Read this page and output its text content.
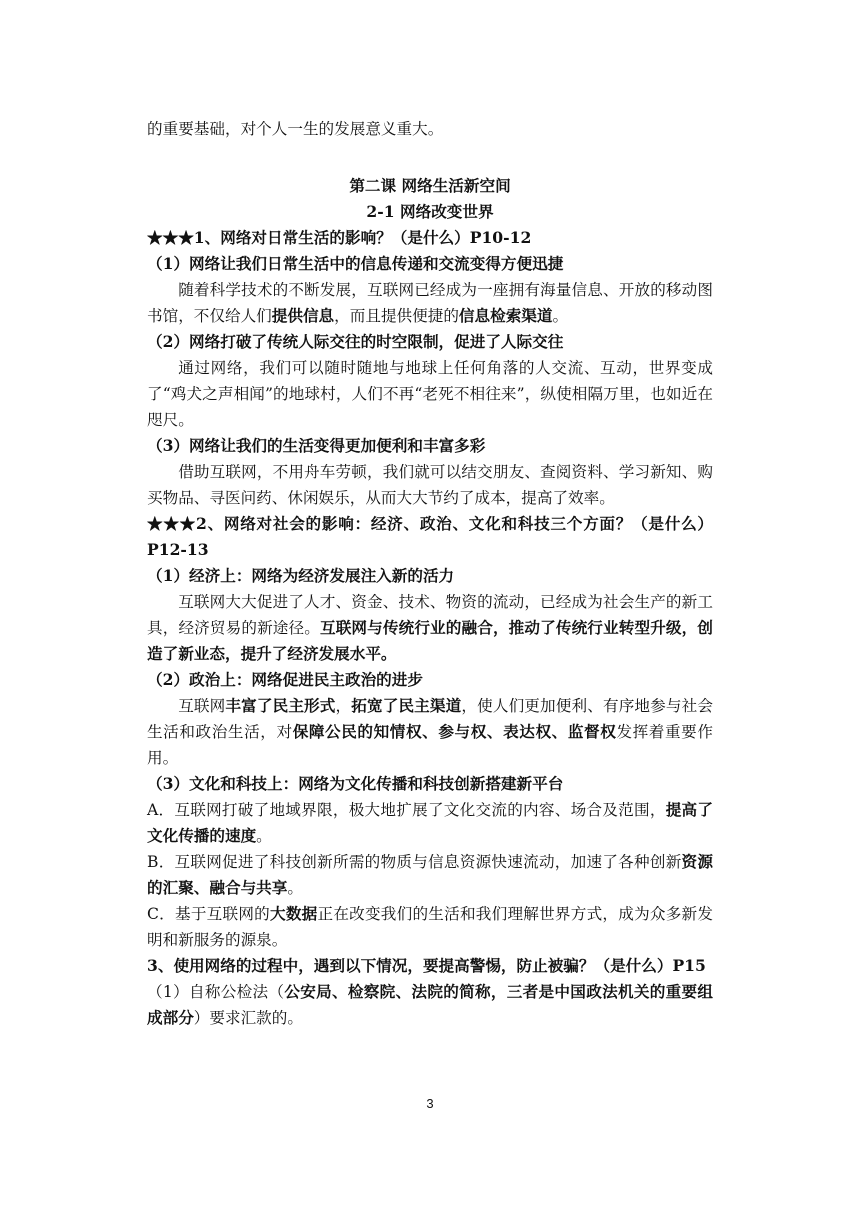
的重要基础，对个人一生的发展意义重大。

第二课 网络生活新空间

2-1 网络改变世界

★★★1、网络对日常生活的影响？（是什么）P10-12

（1）网络让我们日常生活中的信息传递和交流变得方便迅捷

随着科学技术的不断发展，互联网已经成为一座拥有海量信息、开放的移动图书馆，不仅给人们提供信息，而且提供便捷的信息检索渠道。

（2）网络打破了传统人际交往的时空限制，促进了人际交往

通过网络，我们可以随时随地与地球上任何角落的人交流、互动，世界变成了“鸡犬之声相闻”的地球村，人们不再“老死不相往来”，纵使相隔万里，也如近在咫尺。

（3）网络让我们的生活变得更加便利和丰富多彩

借助互联网，不用舟车劳顿，我们就可以结交朋友、查阅资料、学习新知、购买物品、寻医问药、休闲娱乐，从而大大节约了成本，提高了效率。

★★★2、网络对社会的影响：经济、政治、文化和科技三个方面？（是什么）P12-13

（1）经济上：网络为经济发展注入新的活力

互联网大大促进了人才、资金、技术、物资的流动，已经成为社会生产的新工具，经济贸易的新途径。互联网与传统行业的融合，推动了传统行业转型升级，创造了新业态，提升了经济发展水平。

（2）政治上：网络促进民主政治的进步

互联网丰富了民主形式，拓宽了民主渠道，使人们更加便利、有序地参与社会生活和政治生活，对保障公民的知情权、参与权、表达权、监督权发挥着重要作用。

（3）文化和科技上：网络为文化传播和科技创新搭建新平台

A．互联网打破了地域界限，极大地扩展了文化交流的内容、场合及范围，提高了文化传播的速度。

B．互联网促进了科技创新所需的物质与信息资源快速流动，加速了各种创新资源的汇聚、融合与共享。

C．基于互联网的大数据正在改变我们的生活和我们理解世界方式，成为众多新发明和新服务的源泉。

3、使用网络的过程中，遇到以下情况，要提高警惕，防止被骗？（是什么）P15

（1）自称公检法（公安局、检察院、法院的简称，三者是中国政法机关的重要组成部分）要求汇款的。

3
